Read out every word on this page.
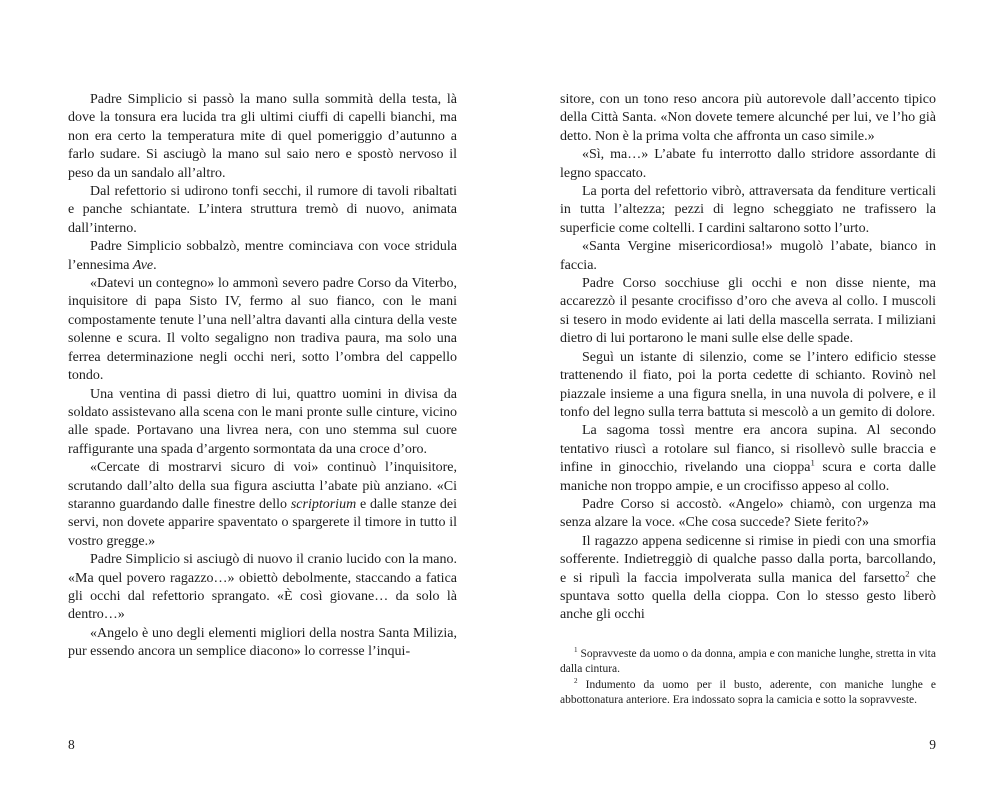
Padre Simplicio si passò la mano sulla sommità della testa, là dove la tonsura era lucida tra gli ultimi ciuffi di capelli bianchi, ma non era certo la temperatura mite di quel pomeriggio d’autunno a farlo sudare. Si asciugò la mano sul saio nero e spostò nervoso il peso da un sandalo all’altro.

Dal refettorio si udirono tonfi secchi, il rumore di tavoli ribaltati e panche schiantate. L’intera struttura tremò di nuovo, animata dall’interno.

Padre Simplicio sobbalzò, mentre cominciava con voce stridula l’ennesima Ave.

«Datevi un contegno» lo ammonì severo padre Corso da Viterbo, inquisitore di papa Sisto IV, fermo al suo fianco, con le mani compostamente tenute l’una nell’altra davanti alla cintura della veste solenne e scura. Il volto segaligno non tradiva paura, ma solo una ferrea determinazione negli occhi neri, sotto l’ombra del cappello tondo.

Una ventina di passi dietro di lui, quattro uomini in divisa da soldato assistevano alla scena con le mani pronte sulle cinture, vicino alle spade. Portavano una livrea nera, con uno stemma sul cuore raffigurante una spada d’argento sormontata da una croce d’oro.

«Cercate di mostrarvi sicuro di voi» continuò l’inquisitore, scrutando dall’alto della sua figura asciutta l’abate più anziano. «Ci staranno guardando dalle finestre dello scriptorium e dalle stanze dei servi, non dovete apparire spaventato o spargerete il timore in tutto il vostro gregge.»

Padre Simplicio si asciugò di nuovo il cranio lucido con la mano. «Ma quel povero ragazzo…» obiettò debolmente, staccando a fatica gli occhi dal refettorio sprangato. «È così giovane… da solo là dentro…»

«Angelo è uno degli elementi migliori della nostra Santa Milizia, pur essendo ancora un semplice diacono» lo corresse l’inqui-

8

sitore, con un tono reso ancora più autorevole dall’accento tipico della Città Santa. «Non dovete temere alcunché per lui, ve l’ho già detto. Non è la prima volta che affronta un caso simile.»

«Sì, ma…» L’abate fu interrotto dallo stridore assordante di legno spaccato.

La porta del refettorio vibrò, attraversata da fenditure verticali in tutta l’altezza; pezzi di legno scheggiato ne trafissero la superficie come coltelli. I cardini saltarono sotto l’urto.

«Santa Vergine misericordiosa!» mugolò l’abate, bianco in faccia.

Padre Corso socchiuse gli occhi e non disse niente, ma accarezzò il pesante crocifisso d’oro che aveva al collo. I muscoli si tesero in modo evidente ai lati della mascella serrata. I miliziani dietro di lui portarono le mani sulle else delle spade.

Seguì un istante di silenzio, come se l’intero edificio stesse trattenendo il fiato, poi la porta cedette di schianto. Rovinò nel piazzale insieme a una figura snella, in una nuvola di polvere, e il tonfo del legno sulla terra battuta si mescolò a un gemito di dolore.

La sagoma tossì mentre era ancora supina. Al secondo tentativo riuscì a rotolare sul fianco, si risollevò sulle braccia e infine in ginocchio, rivelando una cioppa$^1$ scura e corta dalle maniche non troppo ampie, e un crocifisso appeso al collo.

Padre Corso si accostò. «Angelo» chiamò, con urgenza ma senza alzare la voce. «Che cosa succede? Siete ferito?»

Il ragazzo appena sedicenne si rimise in piedi con una smorfia sofferente. Indietreggiò di qualche passo dalla porta, barcollando, e si ripulì la faccia impolverata sulla manica del farsetto$^2$ che spuntava sotto quella della cioppa. Con lo stesso gesto liberò anche gli occhi

$^1$ Sopravveste da uomo o da donna, ampia e con maniche lunghe, stretta in vita dalla cintura.

$^2$ Indumento da uomo per il busto, aderente, con maniche lunghe e abbottonatura anteriore. Era indossato sopra la camicia e sotto la sopravveste.

9
